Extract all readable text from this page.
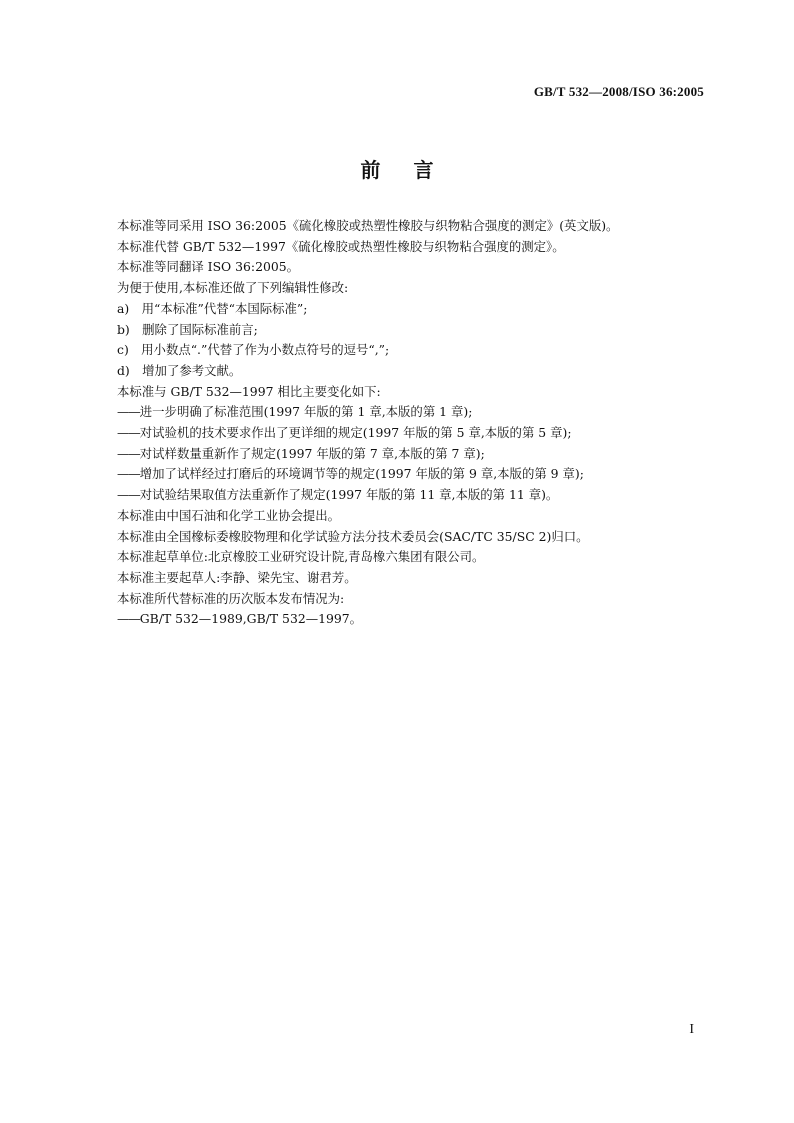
GB/T 532—2008/ISO 36:2005
前 言
本标准等同采用 ISO 36:2005《硫化橡胶或热塑性橡胶与织物粘合强度的测定》(英文版)。
本标准代替 GB/T 532—1997《硫化橡胶或热塑性橡胶与织物粘合强度的测定》。
本标准等同翻译 ISO 36:2005。
为便于使用,本标准还做了下列编辑性修改:
a)　用“本标准”代替“本国际标准”;
b)　删除了国际标准前言;
c)　用小数点“.”代替了作为小数点符号的逗号“,”;
d)　增加了参考文献。
本标准与 GB/T 532—1997 相比主要变化如下:
——进一步明确了标准范围(1997 年版的第 1 章,本版的第 1 章);
——对试验机的技术要求作出了更详细的规定(1997 年版的第 5 章,本版的第 5 章);
——对试样数量重新作了规定(1997 年版的第 7 章,本版的第 7 章);
——增加了试样经过打磨后的环境调节等的规定(1997 年版的第 9 章,本版的第 9 章);
——对试验结果取值方法重新作了规定(1997 年版的第 11 章,本版的第 11 章)。
本标准由中国石油和化学工业协会提出。
本标准由全国橡标委橡胶物理和化学试验方法分技术委员会(SAC/TC 35/SC 2)归口。
本标准起草单位:北京橡胶工业研究设计院,青岛橡六集团有限公司。
本标准主要起草人:李静、梁先宝、谢君芳。
本标准所代替标准的历次版本发布情况为:
——GB/T 532—1989,GB/T 532—1997。
I
